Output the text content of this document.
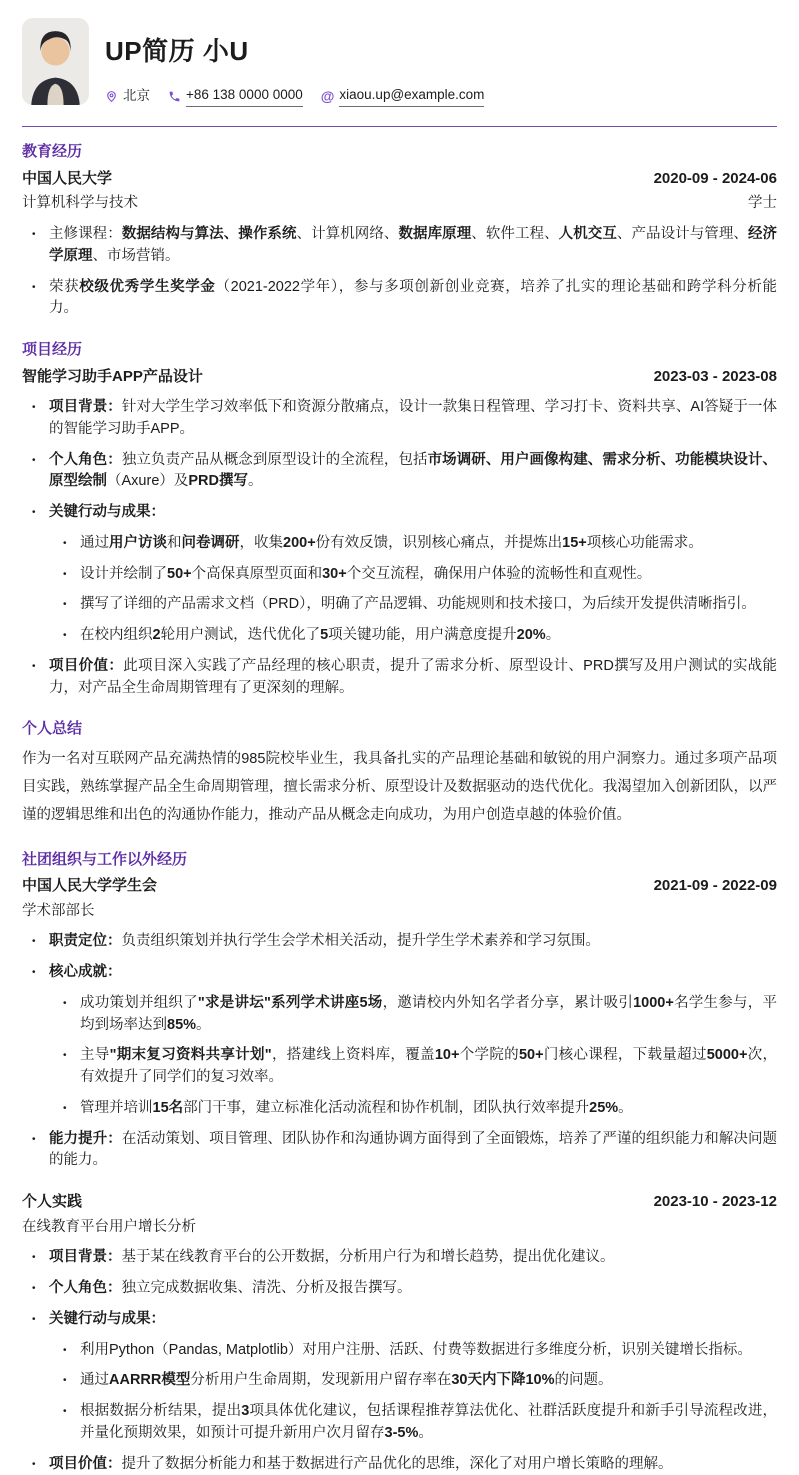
UP简历 小U
北京	+86 138 0000 0000 @ xiaou.up@example.com
教育经历
中国人民大学	2020-09 - 2024-06
计算机科学与技术	学士
• 主修课程：数据结构与算法、操作系统、计算机网络、数据库原理、软件工程、人机交互、产品设计与管理、经济学原理、市场营销。
• 荣获校级优秀学生奖学金（2021-2022学年），参与多项创新创业竞赛，培养了扎实的理论基础和跨学科分析能力。
项目经历
智能学习助手APP产品设计	2023-03 - 2023-08
• 项目背景：针对大学生学习效率低下和资源分散痛点，设计一款集日程管理、学习打卡、资料共享、AI答疑于一体的智能学习助手APP。
• 个人角色：独立负责产品从概念到原型设计的全流程，包括市场调研、用户画像构建、需求分析、功能模块设计、原型绘制（Axure）及PRD撰写。
• 关键行动与成果：
• 通过用户访谈和问卷调研，收集200+份有效反馈，识别核心痛点，并提炼出15+项核心功能需求。
• 设计并绘制了50+个高保真原型页面和30+个交互流程，确保用户体验的流畅性和直观性。
• 撰写了详细的产品需求文档（PRD），明确了产品逻辑、功能规则和技术接口，为后续开发提供清晰指引。
• 在校内组织2轮用户测试，迭代优化了5项关键功能，用户满意度提升20%。
• 项目价值：此项目深入实践了产品经理的核心职责，提升了需求分析、原型设计、PRD撰写及用户测试的实战能力，对产品全生命周期管理有了更深刻的理解。
个人总结

作为一名对互联网产品充满热情的985院校毕业生，我具备扎实的产品理论基础和敏锐的用户洞察力。通过多项产品项目实践，熟练掌握产品全生命周期管理，擅长需求分析、原型设计及数据驱动的迭代优化。我渴望加入创新团队，以严谨的逻辑思维和出色的沟通协作能力，推动产品从概念走向成功，为用户创造卓越的体验价值。

社团组织与工作以外经历
中国人民大学学生会	2021-09 - 2022-09
学术部部长
• 职责定位：负责组织策划并执行学生会学术相关活动，提升学生学术素养和学习氛围。
• 核心成就：
• 成功策划并组织了"求是讲坛"系列学术讲座5场，邀请校内外知名学者分享，累计吸引1000+名学生参与，平均到场率达到85%。
• 主导"期末复习资料共享计划"，搭建线上资料库，覆盖10+个学院的50+门核心课程，下载量超过5000+次，有效提升了同学们的复习效率。
• 管理并培训15名部门干事，建立标准化活动流程和协作机制，团队执行效率提升25%。
• 能力提升：在活动策划、项目管理、团队协作和沟通协调方面得到了全面锻炼，培养了严谨的组织能力和解决问题的能力。
个人实践	2023-10 - 2023-12
在线教育平台用户增长分析
• 项目背景：基于某在线教育平台的公开数据，分析用户行为和增长趋势，提出优化建议。
• 个人角色：独立完成数据收集、清洗、分析及报告撰写。
• 关键行动与成果：
• 利用Python（Pandas, Matplotlib）对用户注册、活跃、付费等数据进行多维度分析，识别关键增长指标。
• 通过AARRR模型分析用户生命周期，发现新用户留存率在30天内下降10%的问题。
• 根据数据分析结果，提出3项具体优化建议，包括课程推荐算法优化、社群活跃度提升和新手引导流程改进，并量化预期效果，如预计可提升新用户次月留存3-5%。
• 项目价值：提升了数据分析能力和基于数据进行产品优化的思维，深化了对用户增长策略的理解。
